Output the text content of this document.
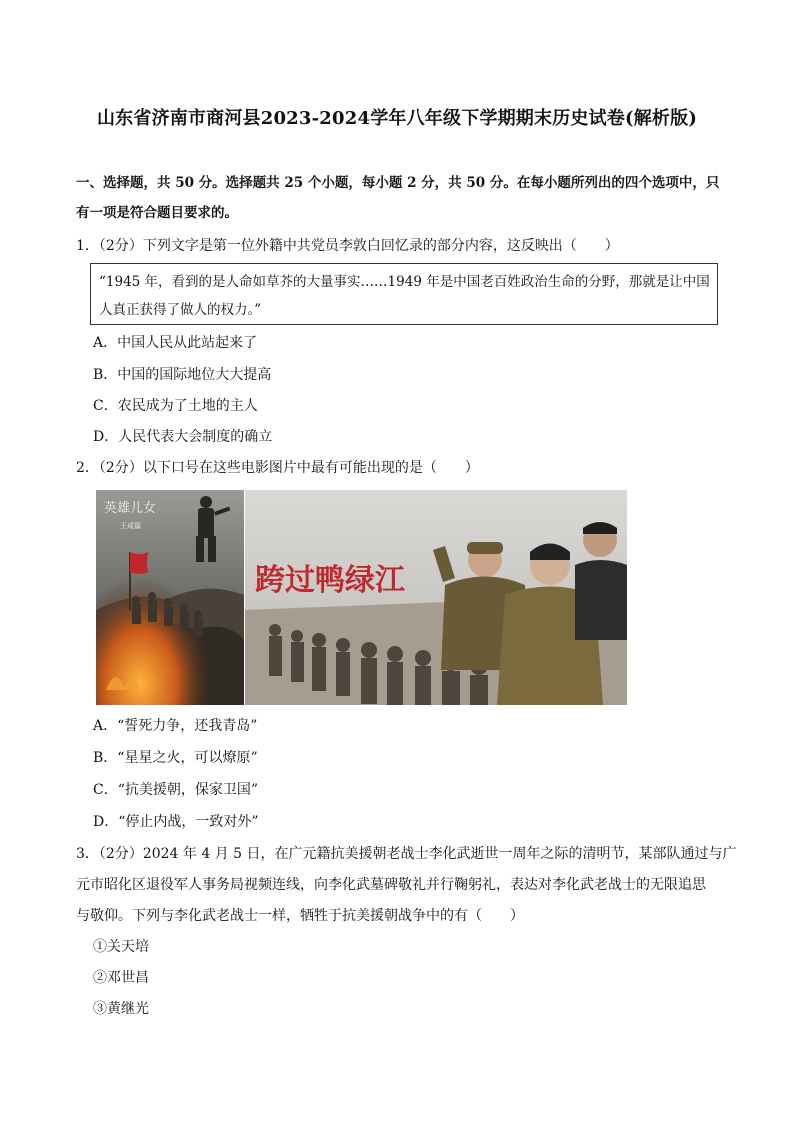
山东省济南市商河县2023-2024学年八年级下学期期末历史试卷(解析版)
一、选择题，共 50 分。选择题共 25 个小题，每小题 2 分，共 50 分。在每小题所列出的四个选项中，只
有一项是符合题目要求的。
1．（2分）下列文字是第一位外籍中共党员李敦白回忆录的部分内容，这反映出（　　）
“1945 年，看到的是人命如草芥的大量事实……1949 年是中国老百姓政治生命的分野，那就是让中国
人真正获得了做人的权力。”
A．中国人民从此站起来了
B．中国的国际地位大大提高
C．农民成为了土地的主人
D．人民代表大会制度的确立
2．（2分）以下口号在这些电影图片中最有可能出现的是（　　）
英雄儿女
王成篇
跨过鸭绿江
A．“誓死力争，还我青岛”
B．“星星之火，可以燎原”
C．“抗美援朝，保家卫国”
D．“停止内战，一致对外”
3．（2分）2024 年 4 月 5 日，在广元籍抗美援朝老战士李化武逝世一周年之际的清明节，某部队通过与广
元市昭化区退役军人事务局视频连线，向李化武墓碑敬礼并行鞠躬礼，表达对李化武老战士的无限追思
与敬仰。下列与李化武老战士一样，牺牲于抗美援朝战争中的有（　　）
①关天培
②邓世昌
③黄继光
